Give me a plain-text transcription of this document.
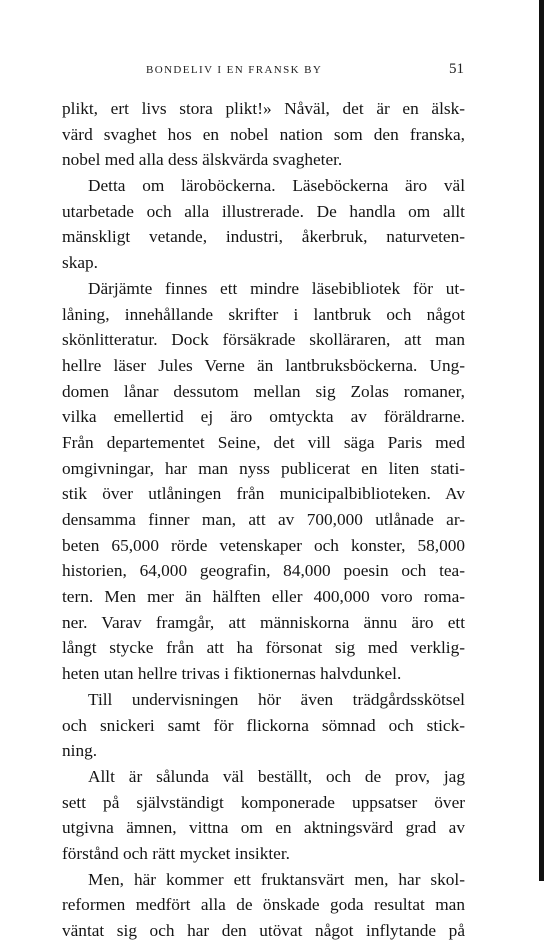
BONDELIV I EN FRANSK BY	51
plikt, ert livs stora plikt!» Nåväl, det är en älsk-
värd svaghet hos en nobel nation som den franska,
nobel med alla dess älskvärda svagheter.
Detta om läroböckerna. Läseböckerna äro väl
utarbetade och alla illustrerade. De handla om allt
mänskligt vetande, industri, åkerbruk, naturveten-
skap.
Därjämte finnes ett mindre läsebibliotek för ut-
låning, innehållande skrifter i lantbruk och något
skönlitteratur. Dock försäkrade skolläraren, att man
hellre läser Jules Verne än lantbruksböckerna. Ung-
domen lånar dessutom mellan sig Zolas romaner,
vilka emellertid ej äro omtyckta av föräldrarne.
Från departementet Seine, det vill säga Paris med
omgivningar, har man nyss publicerat en liten stati-
stik över utlåningen från municipalbiblioteken. Av
densamma finner man, att av 700,000 utlånade ar-
beten 65,000 rörde vetenskaper och konster, 58,000
historien, 64,000 geografin, 84,000 poesin och tea-
tern. Men mer än hälften eller 400,000 voro roma-
ner. Varav framgår, att människorna ännu äro ett
långt stycke från att ha försonat sig med verklig-
heten utan hellre trivas i fiktionernas halvdunkel.
Till undervisningen hör även trädgårdsskötsel
och snickeri samt för flickorna sömnad och stick-
ning.
Allt är sålunda väl beställt, och de prov, jag
sett på självständigt komponerade uppsatser över
utgivna ämnen, vittna om en aktningsvärd grad av
förstånd och rätt mycket insikter.
Men, här kommer ett fruktansvärt men, har skol-
reformen medfört alla de önskade goda resultat man
väntat sig och har den utövat något inflytande på
